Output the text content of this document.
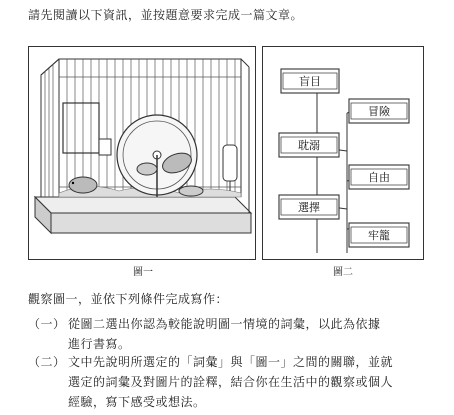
請先閱讀以下資訊，並按題意要求完成一篇文章。
盲目
冒險
耽溺
自由
選擇
牢籠
圖一	圖二
觀察圖一，並依下列條件完成寫作：
（一） 從圖二選出你認為較能說明圖一情境的詞彙，以此為依據
進行書寫。
（二） 文中先說明所選定的「詞彙」與「圖一」之間的關聯，並就
選定的詞彙及對圖片的詮釋，結合你在生活中的觀察或個人
經驗，寫下感受或想法。
